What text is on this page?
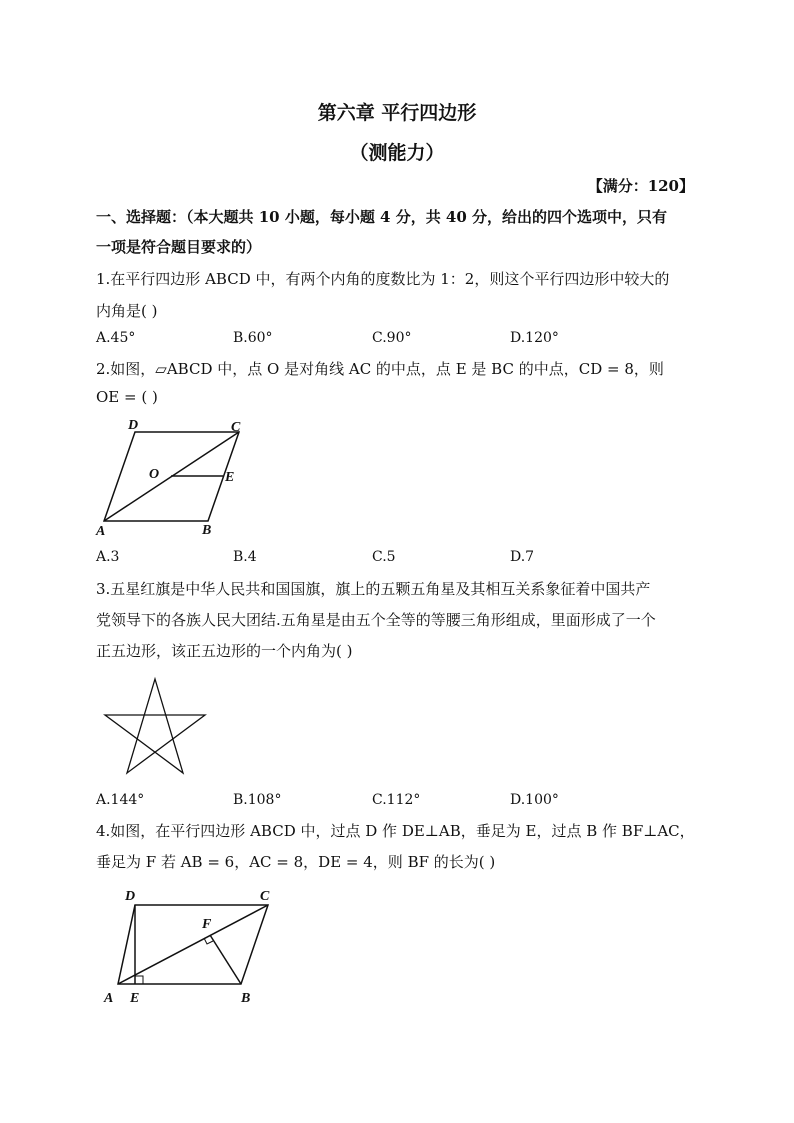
第六章 平行四边形
（测能力）
【满分：120】
一、选择题：（本大题共 10 小题，每小题 4 分，共 40 分，给出的四个选项中，只有
一项是符合题目要求的）
1.在平行四边形 ABCD 中，有两个内角的度数比为 1：2，则这个平行四边形中较大的
内角是( )
A.45°	B.60°	C.90°	D.120°
2.如图，▱ABCD 中，点 O 是对角线 AC 的中点，点 E 是 BC 的中点，CD = 8，则
OE = ( )
D	C
O	E
A	B
A.3	B.4	C.5	D.7
3.五星红旗是中华人民共和国国旗，旗上的五颗五角星及其相互关系象征着中国共产
党领导下的各族人民大团结.五角星是由五个全等的等腰三角形组成，里面形成了一个
正五边形，该正五边形的一个内角为( )
A.144°	B.108°	C.112°	D.100°
4.如图，在平行四边形 ABCD 中，过点 D 作 DE⊥AB，垂足为 E，过点 B 作 BF⊥AC，
垂足为 F 若 AB = 6，AC = 8，DE = 4，则 BF 的长为( )
D	C
F
A E	B
